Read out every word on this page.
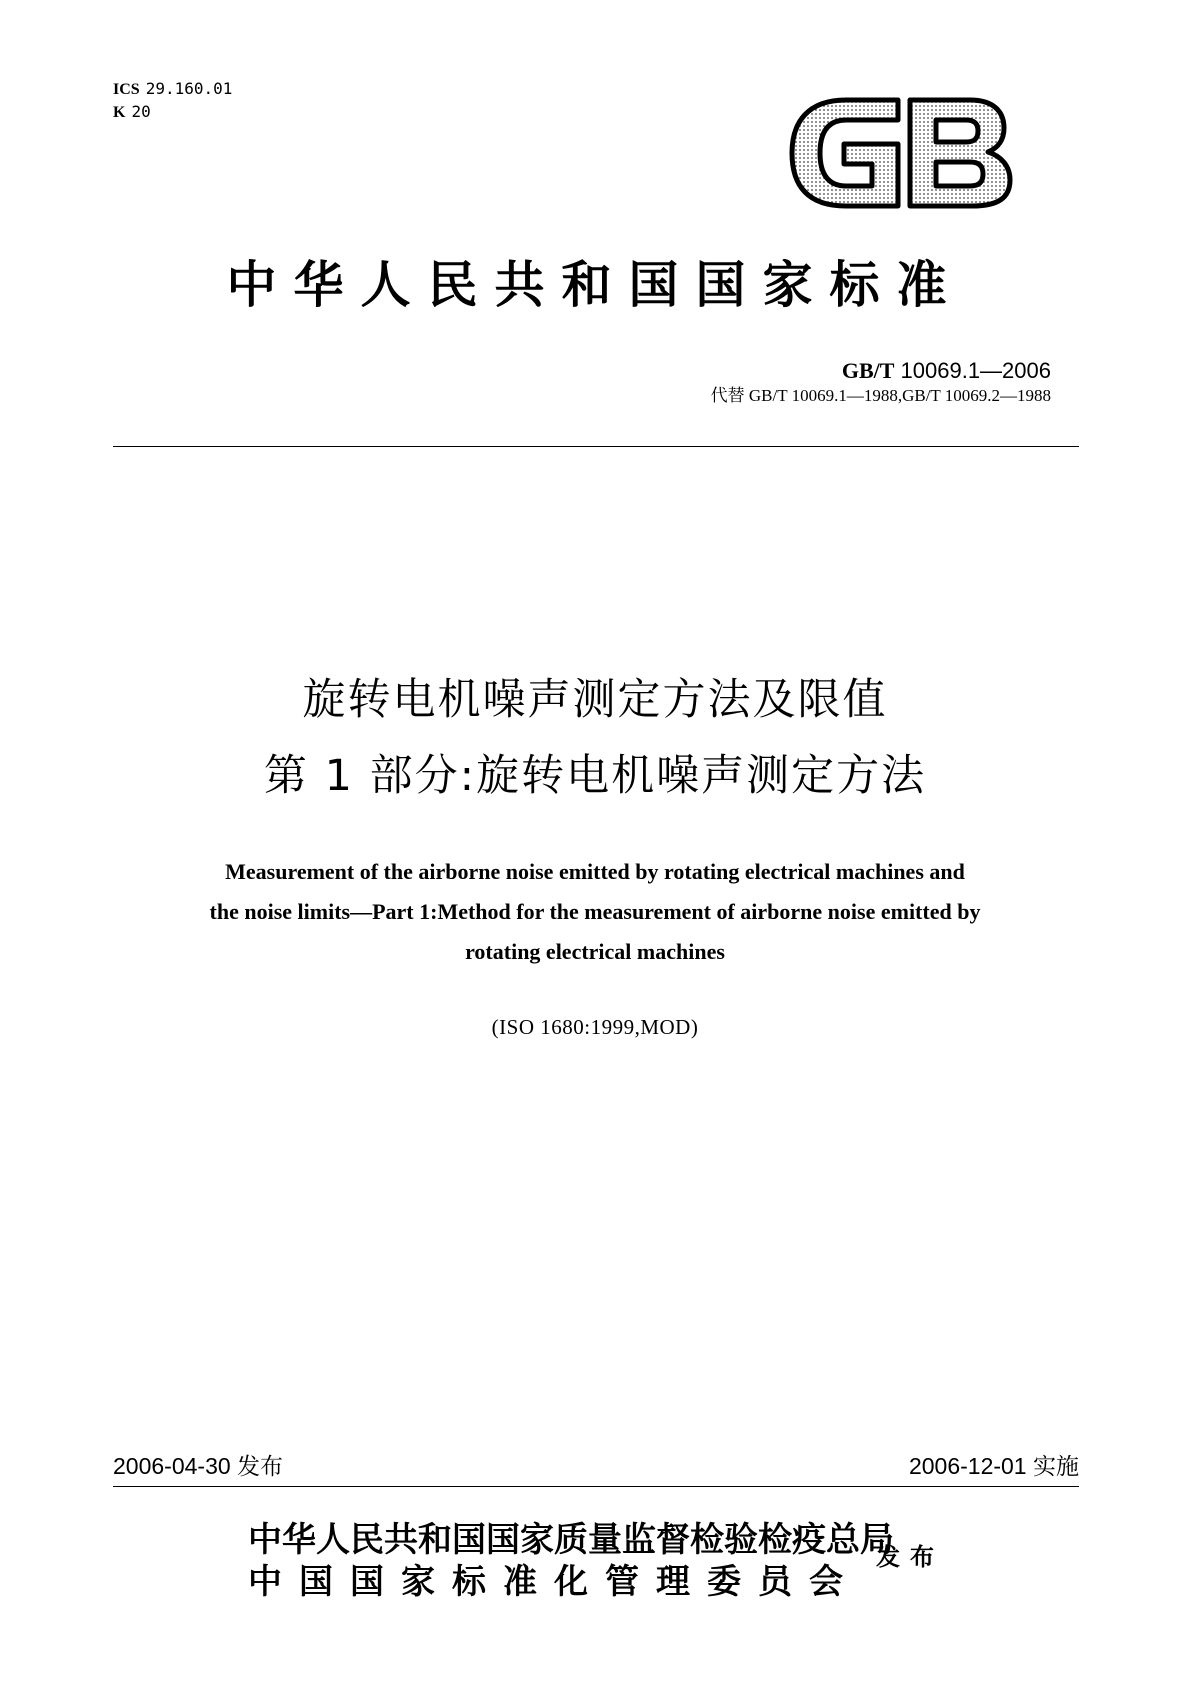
ICS 29.160.01
K 20
中华人民共和国国家标准
GB/T 10069.1—2006
代替 GB/T 10069.1—1988,GB/T 10069.2—1988
旋转电机噪声测定方法及限值
第 1 部分:旋转电机噪声测定方法
Measurement of the airborne noise emitted by rotating electrical machines and
the noise limits—Part 1:Method for the measurement of airborne noise emitted by
rotating electrical machines
(ISO 1680:1999,MOD)
2006-04-30 发布	2006-12-01 实施
中华人民共和国国家质量监督检验检疫总局
中国国家标准化管理委员会
发布
